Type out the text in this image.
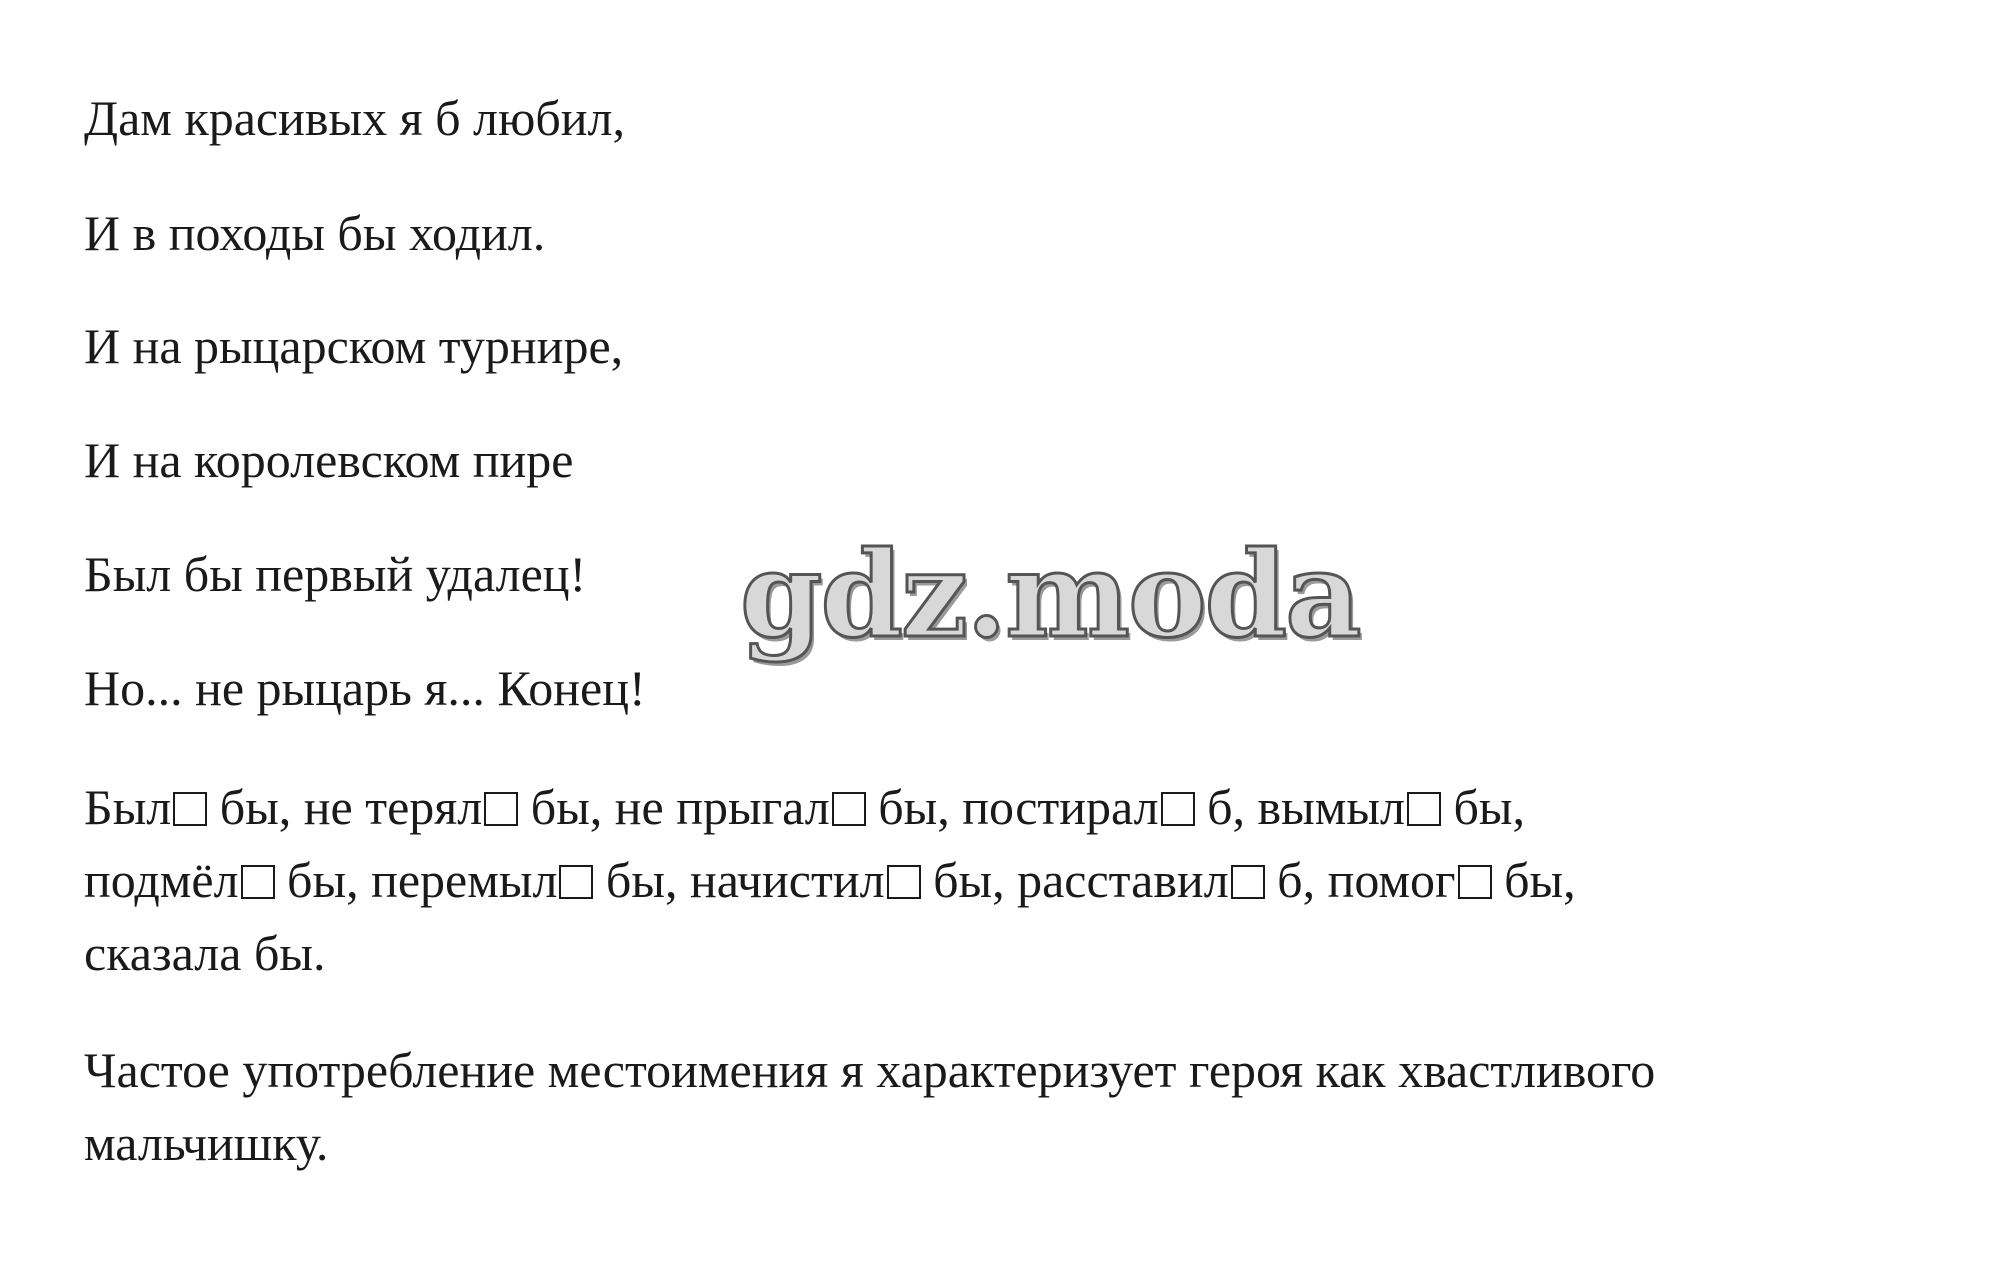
Дам красивых я б любил,
И в походы бы ходил.
И на рыцарском турнире,
И на королевском пире
Был бы первый удалец!
Но... не рыцарь я... Конец!
Был бы, не терял бы, не прыгал бы, постирал б, вымыл бы,
подмёл бы, перемыл бы, начистил бы, расставил б, помог бы,
сказала бы.
Частое употребление местоимения я характеризует героя как хвастливого
мальчишку.
gdz.moda
